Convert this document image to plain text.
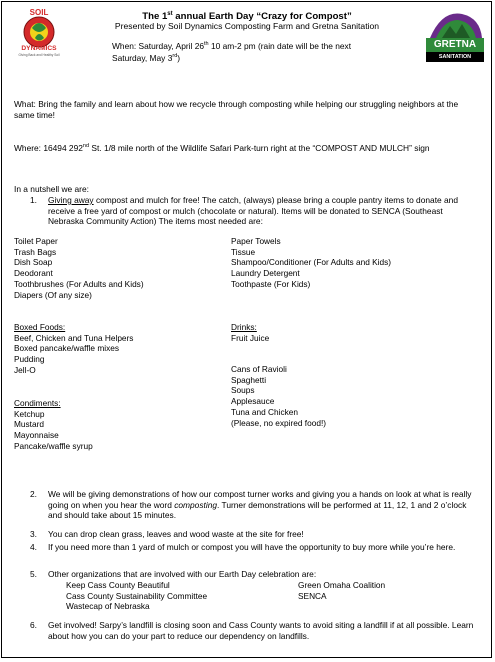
SOIL
DYNAMICS
Giving Back and Healthy Soil
GRETNA
SANITATION
The 1st annual Earth Day “Crazy for Compost”
Presented by Soil Dynamics Composting Farm and Gretna Sanitation
When: Saturday, April 26th 10 am-2 pm (rain date will be the next
Saturday, May 3rd)
What: Bring the family and learn about how we recycle through composting while helping our struggling neighbors at the same time!
Where: 16494 292nd St. 1/8 mile north of the Wildlife Safari Park-turn right at the “COMPOST AND MULCH” sign
In a nutshell we are:
1. Giving away compost and mulch for free! The catch, (always) please bring a couple pantry items to donate and receive a free yard of compost or mulch (chocolate or natural). Items will be donated to SENCA (Southeast Nebraska Community Action) The items most needed are:
Toilet Paper
Trash Bags
Dish Soap
Deodorant
Toothbrushes (For Adults and Kids)
Diapers (Of any size)
Paper Towels
Tissue
Shampoo/Conditioner (For Adults and Kids)
Laundry Detergent
Toothpaste (For Kids)
Boxed Foods:
Beef, Chicken and Tuna Helpers
Boxed pancake/waffle mixes
Pudding
Jell-O
Drinks:
Fruit Juice
Cans of Ravioli
Spaghetti
Soups
Applesauce
Tuna and Chicken
(Please, no expired food!)
Condiments:
Ketchup
Mustard
Mayonnaise
Pancake/waffle syrup
2. We will be giving demonstrations of how our compost turner works and giving you a hands on look at what is really going on when you hear the word composting. Turner demonstrations will be performed at 11, 12, 1 and 2 o’clock and should take about 15 minutes.
3. You can drop clean grass, leaves and wood waste at the site for free!
4. If you need more than 1 yard of mulch or compost you will have the opportunity to buy more while you’re here.
5. Other organizations that are involved with our Earth Day celebration are:
Keep Cass County Beautiful
Cass County Sustainability Committee
Wastecap of Nebraska
Green Omaha Coalition
SENCA
6. Get involved! Sarpy’s landfill is closing soon and Cass County wants to avoid siting a landfill if at all possible. Learn about how you can do your part to reduce our dependency on landfills.
